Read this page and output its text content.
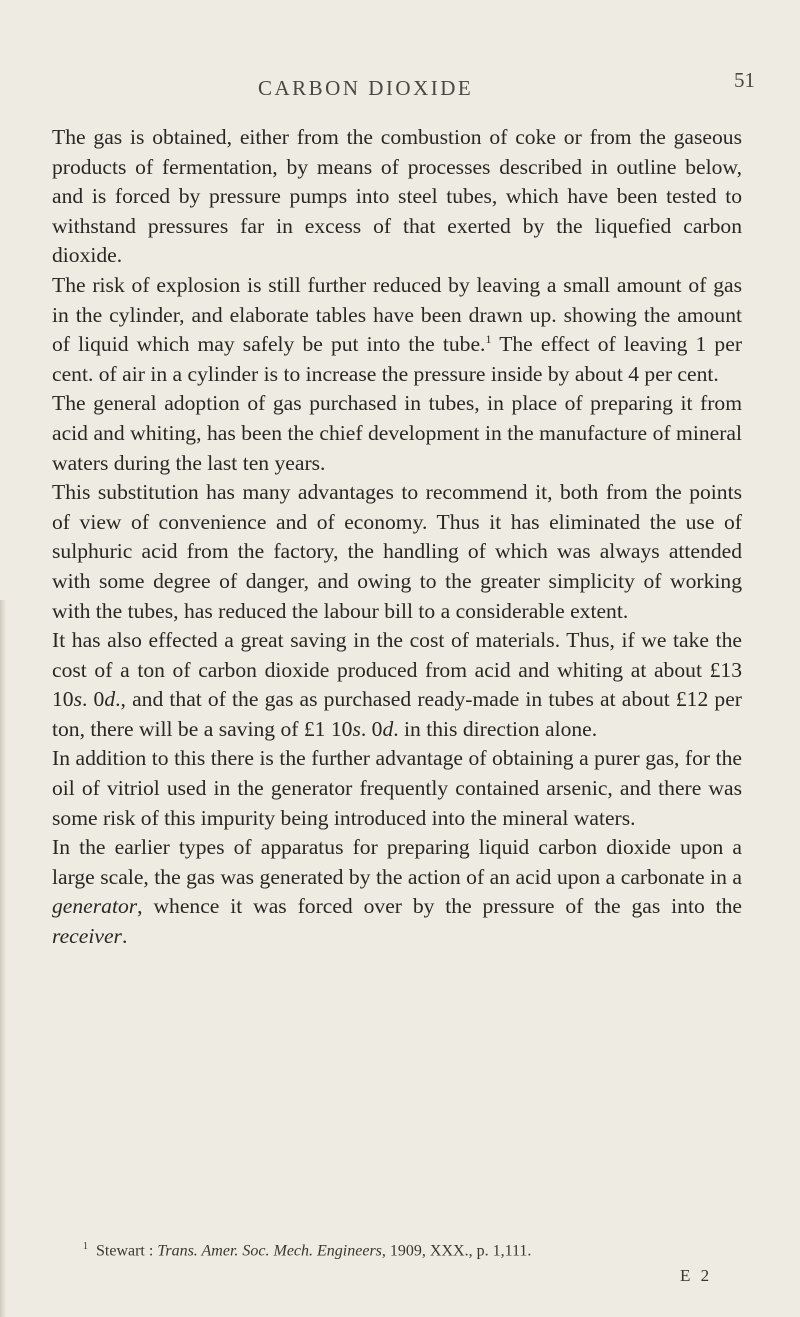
CARBON DIOXIDE	51

The gas is obtained, either from the combustion of coke or from the gaseous products of fermentation, by means of processes described in outline below, and is forced by pressure pumps into steel tubes, which have been tested to withstand pressures far in excess of that exerted by the liquefied carbon dioxide.

The risk of explosion is still further reduced by leaving a small amount of gas in the cylinder, and elaborate tables have been drawn up. showing the amount of liquid which may safely be put into the tube.$^1$ The effect of leaving 1 per cent. of air in a cylinder is to increase the pressure inside by about 4 per cent.

The general adoption of gas purchased in tubes, in place of preparing it from acid and whiting, has been the chief development in the manufacture of mineral waters during the last ten years.

This substitution has many advantages to recommend it, both from the points of view of convenience and of economy. Thus it has eliminated the use of sulphuric acid from the factory, the handling of which was always attended with some degree of danger, and owing to the greater simplicity of working with the tubes, has reduced the labour bill to a considerable extent.

It has also effected a great saving in the cost of materials. Thus, if we take the cost of a ton of carbon dioxide produced from acid and whiting at about £13 10s. 0d., and that of the gas as purchased ready-made in tubes at about £12 per ton, there will be a saving of £1 10s. 0d. in this direction alone.

In addition to this there is the further advantage of obtaining a purer gas, for the oil of vitriol used in the generator frequently contained arsenic, and there was some risk of this impurity being introduced into the mineral waters.

In the earlier types of apparatus for preparing liquid carbon dioxide upon a large scale, the gas was generated by the action of an acid upon a carbonate in a generator, whence it was forced over by the pressure of the gas into the receiver.

$^1$ Stewart : Trans. Amer. Soc. Mech. Engineers, 1909, XXX., p. 1,111.
E 2
